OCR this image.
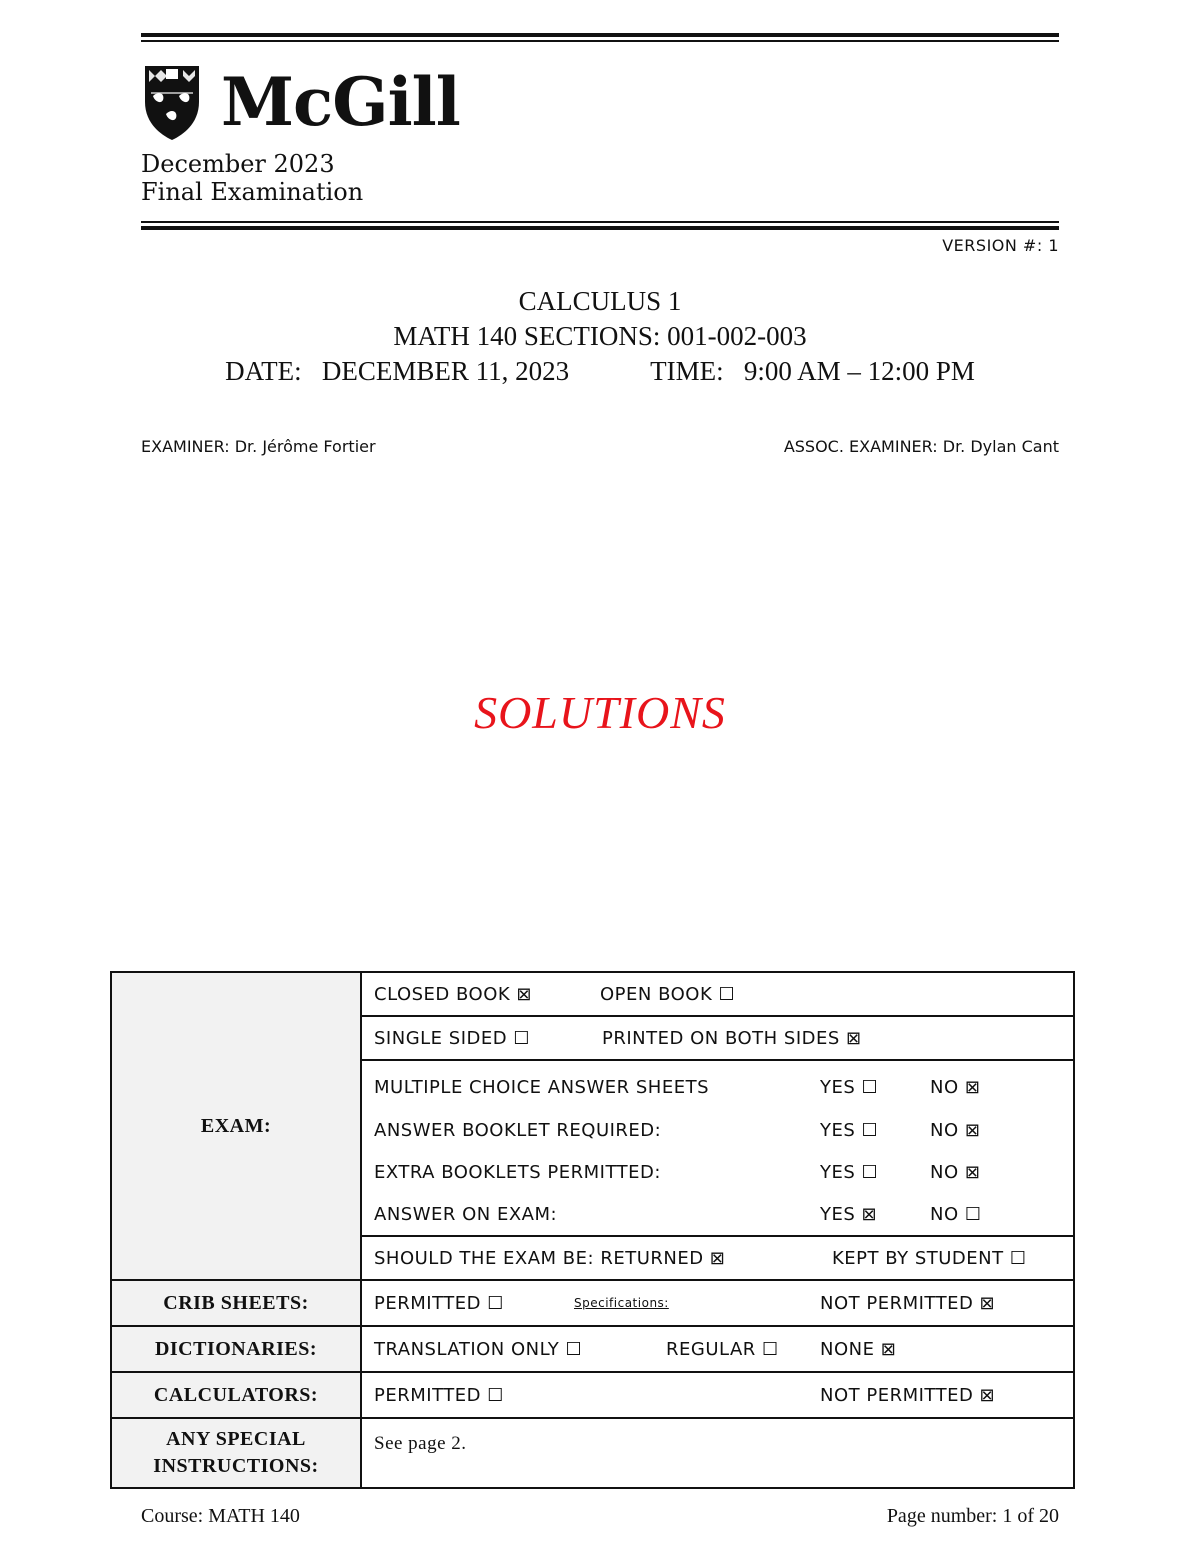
McGill
December 2023
Final Examination
VERSION #: 1
CALCULUS 1
MATH 140 SECTIONS: 001-002-003
DATE: DECEMBER 11, 2023	TIME: 9:00 AM – 12:00 PM
EXAMINER: Dr. Jérôme Fortier	ASSOC. EXAMINER: Dr. Dylan Cant
SOLUTIONS
EXAM:	CLOSED BOOK ⊠ OPEN BOOK ☐

	SINGLE SIDED ☐ PRINTED ON BOTH SIDES ⊠

	MULTIPLE CHOICE ANSWER SHEETS YES ☐ NO ⊠

	ANSWER BOOKLET REQUIRED: YES ☐ NO ⊠

	EXTRA BOOKLETS PERMITTED: YES ☐ NO ⊠

	ANSWER ON EXAM: YES ⊠ NO ☐

	SHOULD THE EXAM BE: RETURNED ⊠ KEPT BY STUDENT ☐

CRIB SHEETS:	PERMITTED ☐ Specifications: NOT PERMITTED ⊠

DICTIONARIES:	TRANSLATION ONLY ☐ REGULAR ☐ NONE ⊠

CALCULATORS:	PERMITTED ☐ NOT PERMITTED ⊠

ANY SPECIAL
INSTRUCTIONS:	See page 2.
Course: MATH 140	Page number: 1 of 20
